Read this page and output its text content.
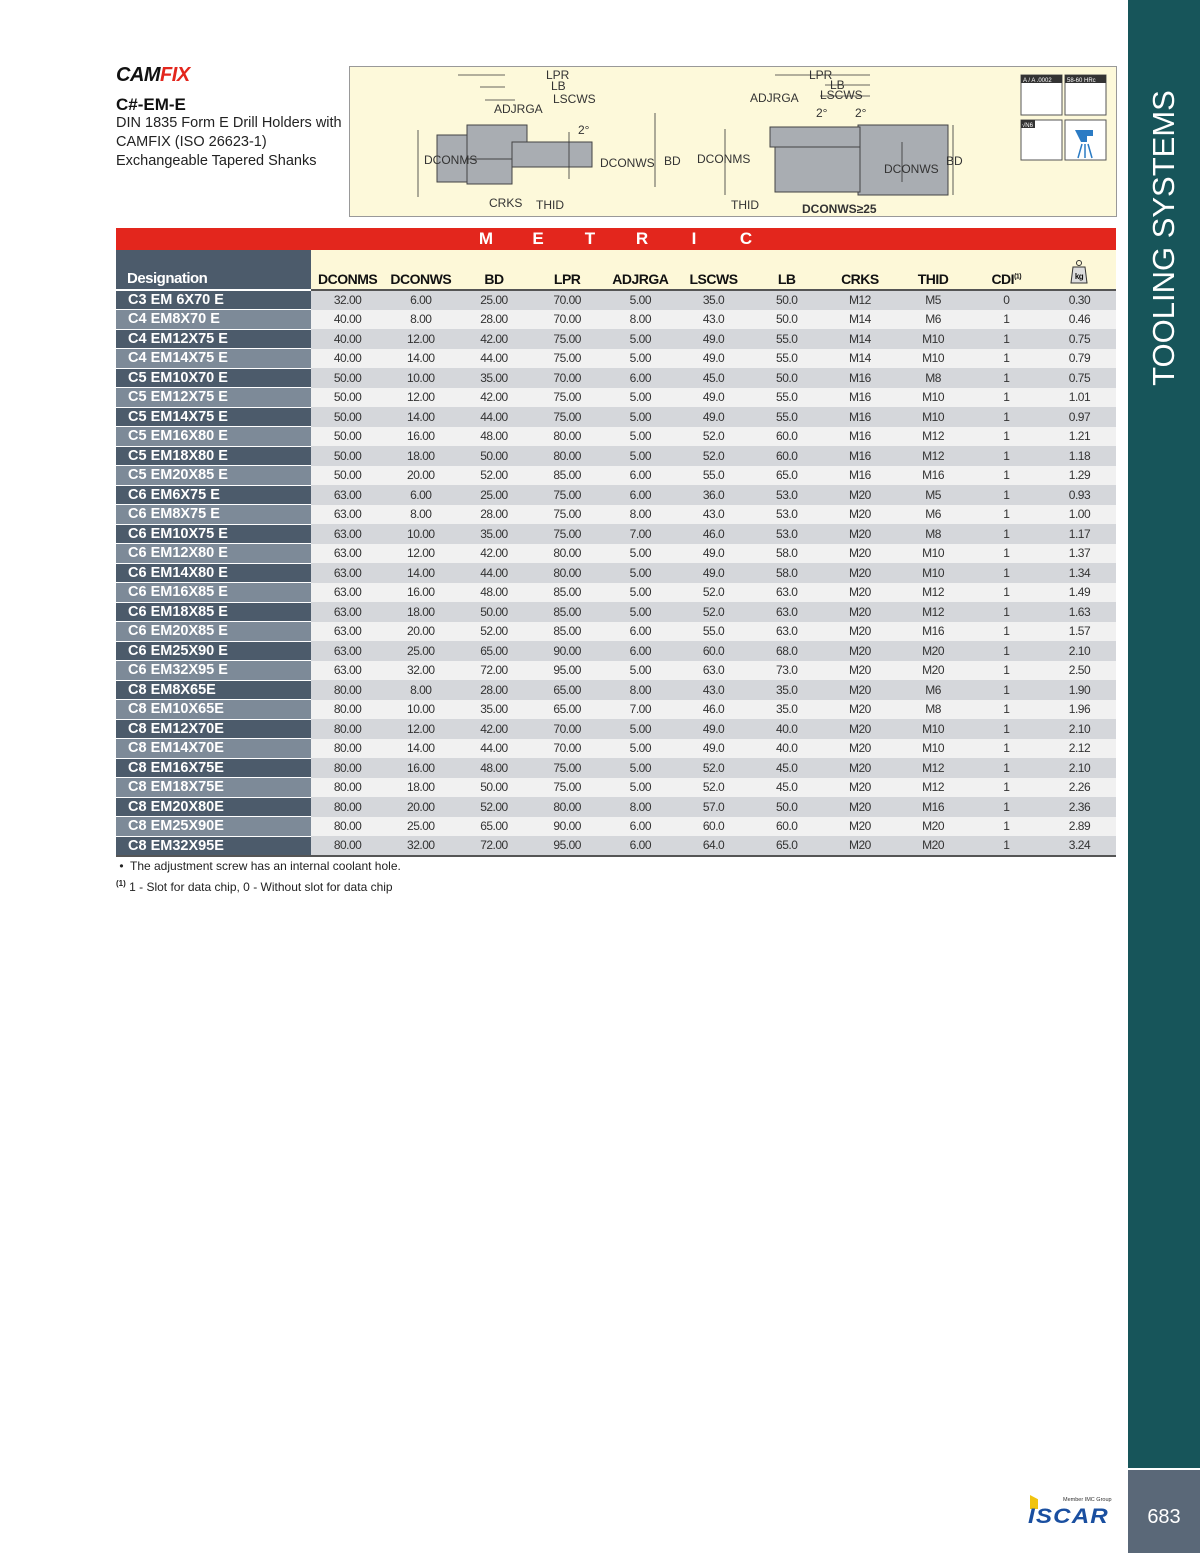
CAMFIX
C#-EM-E
DIN 1835 Form E Drill Holders with CAMFIX (ISO 26623-1) Exchangeable Tapered Shanks
LPR
LB
LSCWS
ADJRGA
2°
DCONMS	DCONWS BD
CRKS THID
LPR
LB
LSCWS
ADJRGA
2° 2°
DCONMS
DCONWS
BD
THID	DCONWS≥25
A / A .0002	58-60 HRc
√N6
M	E	T	R	I	C
Designation	DCONMS	DCONWS	BD	LPR	ADJRGA	LSCWS	LB	CRKS	THID	CDI$^{(1)}$	kg

C3 EM 6X70 E	32.00	6.00	25.00	70.00	5.00	35.0	50.0	M12	M5	0	0.30
C4 EM8X70 E	40.00	8.00	28.00	70.00	8.00	43.0	50.0	M14	M6	1	0.46
C4 EM12X75 E	40.00	12.00	42.00	75.00	5.00	49.0	55.0	M14	M10	1	0.75
C4 EM14X75 E	40.00	14.00	44.00	75.00	5.00	49.0	55.0	M14	M10	1	0.79
C5 EM10X70 E	50.00	10.00	35.00	70.00	6.00	45.0	50.0	M16	M8	1	0.75
C5 EM12X75 E	50.00	12.00	42.00	75.00	5.00	49.0	55.0	M16	M10	1	1.01
C5 EM14X75 E	50.00	14.00	44.00	75.00	5.00	49.0	55.0	M16	M10	1	0.97
C5 EM16X80 E	50.00	16.00	48.00	80.00	5.00	52.0	60.0	M16	M12	1	1.21
C5 EM18X80 E	50.00	18.00	50.00	80.00	5.00	52.0	60.0	M16	M12	1	1.18
C5 EM20X85 E	50.00	20.00	52.00	85.00	6.00	55.0	65.0	M16	M16	1	1.29
C6 EM6X75 E	63.00	6.00	25.00	75.00	6.00	36.0	53.0	M20	M5	1	0.93
C6 EM8X75 E	63.00	8.00	28.00	75.00	8.00	43.0	53.0	M20	M6	1	1.00
C6 EM10X75 E	63.00	10.00	35.00	75.00	7.00	46.0	53.0	M20	M8	1	1.17
C6 EM12X80 E	63.00	12.00	42.00	80.00	5.00	49.0	58.0	M20	M10	1	1.37
C6 EM14X80 E	63.00	14.00	44.00	80.00	5.00	49.0	58.0	M20	M10	1	1.34
C6 EM16X85 E	63.00	16.00	48.00	85.00	5.00	52.0	63.0	M20	M12	1	1.49
C6 EM18X85 E	63.00	18.00	50.00	85.00	5.00	52.0	63.0	M20	M12	1	1.63
C6 EM20X85 E	63.00	20.00	52.00	85.00	6.00	55.0	63.0	M20	M16	1	1.57
C6 EM25X90 E	63.00	25.00	65.00	90.00	6.00	60.0	68.0	M20	M20	1	2.10
C6 EM32X95 E	63.00	32.00	72.00	95.00	5.00	63.0	73.0	M20	M20	1	2.50
C8 EM8X65E	80.00	8.00	28.00	65.00	8.00	43.0	35.0	M20	M6	1	1.90
C8 EM10X65E	80.00	10.00	35.00	65.00	7.00	46.0	35.0	M20	M8	1	1.96
C8 EM12X70E	80.00	12.00	42.00	70.00	5.00	49.0	40.0	M20	M10	1	2.10
C8 EM14X70E	80.00	14.00	44.00	70.00	5.00	49.0	40.0	M20	M10	1	2.12
C8 EM16X75E	80.00	16.00	48.00	75.00	5.00	52.0	45.0	M20	M12	1	2.10
C8 EM18X75E	80.00	18.00	50.00	75.00	5.00	52.0	45.0	M20	M12	1	2.26
C8 EM20X80E	80.00	20.00	52.00	80.00	8.00	57.0	50.0	M20	M16	1	2.36
C8 EM25X90E	80.00	25.00	65.00	90.00	6.00	60.0	60.0	M20	M20	1	2.89
C8 EM32X95E	80.00	32.00	72.00	95.00	6.00	64.0	65.0	M20	M20	1	3.24
• The adjustment screw has an internal coolant hole.
$^{(1)}$ 1 - Slot for data chip, 0 - Without slot for data chip
TOOLING SYSTEMS
Member IMC Group
ISCAR	683
